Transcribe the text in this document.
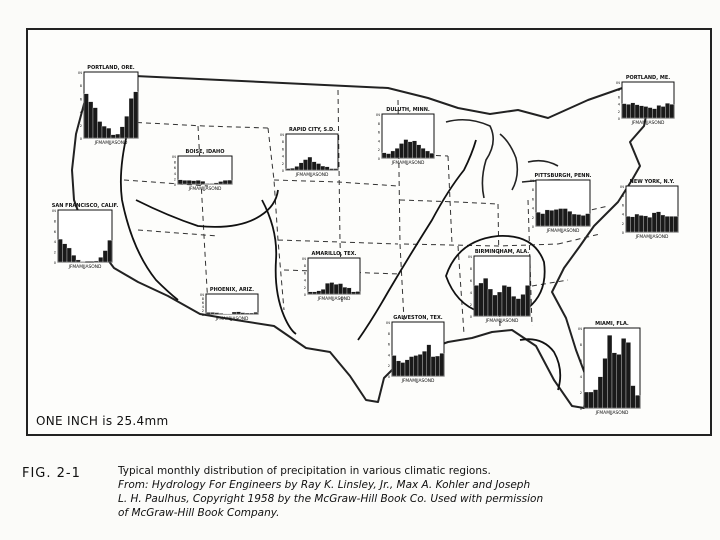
PORTLAND, ORE.
IN
8
6
4
2
0
JFMAMJJASOND
SAN FRANCISCO, CALIF.
IN
8
6
4
2
0
JFMAMJJASOND
BOISE, IDAHO
IN
8
6
4
2
0
JFMAMJJASOND
RAPID CITY, S.D.
IN
8
6
4
2
0
JFMAMJJASOND
PHOENIX, ARIZ.
IN
8
6
4
2
0
JFMAMJJASOND
AMARILLO, TEX.
IN
8
6
4
2
0
JFMAMJJASOND
DULUTH, MINN.
IN
8
6
4
2
0
JFMAMJJASOND
PITTSBURGH, PENN.
IN
8
6
4
2
0
JFMAMJJASOND
NEW YORK, N.Y.
IN
8
6
4
2
0
JFMAMJJASOND
PORTLAND, ME.
IN
8
6
4
2
0
JFMAMJJASOND
BIRMINGHAM, ALA.
IN
8
6
4
2
0
JFMAMJJASOND
GALVESTON, TEX.
IN
8
6
4
2
0
JFMAMJJASOND
MIAMI, FLA.
IN
8
6
4
2
0
JFMAMJJASOND
ONE INCH is 25.4mm
FIG. 2-1	Typical monthly distribution of precipitation in various climatic regions.
From: Hydrology For Engineers by Ray K. Linsley, Jr., Max A. Kohler and Joseph
L. H. Paulhus, Copyright 1958 by the McGraw-Hill Book Co. Used with permission
of McGraw-Hill Book Company.
